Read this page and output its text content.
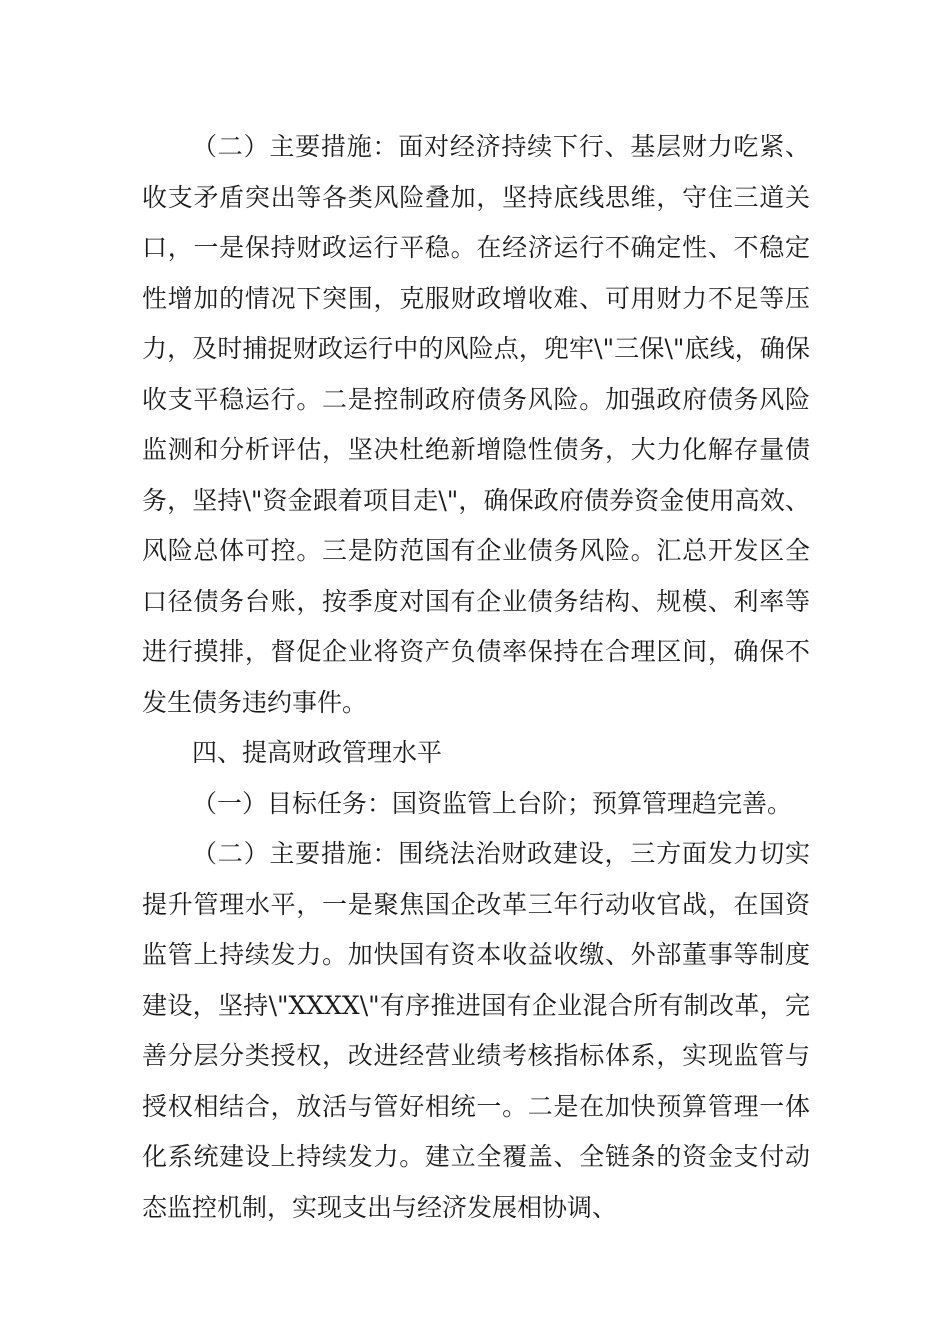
（二）主要措施：面对经济持续下行、基层财力吃紧、收支矛盾突出等各类风险叠加，坚持底线思维，守住三道关口，一是保持财政运行平稳。在经济运行不确定性、不稳定性增加的情况下突围，克服财政增收难、可用财力不足等压力，及时捕捉财政运行中的风险点，兜牢\"三保\"底线，确保收支平稳运行。二是控制政府债务风险。加强政府债务风险监测和分析评估，坚决杜绝新增隐性债务，大力化解存量债务，坚持\"资金跟着项目走\"，确保政府债券资金使用高效、风险总体可控。三是防范国有企业债务风险。汇总开发区全口径债务台账，按季度对国有企业债务结构、规模、利率等进行摸排，督促企业将资产负债率保持在合理区间，确保不发生债务违约事件。

四、提高财政管理水平

（一）目标任务：国资监管上台阶；预算管理趋完善。

（二）主要措施：围绕法治财政建设，三方面发力切实提升管理水平，一是聚焦国企改革三年行动收官战，在国资监管上持续发力。加快国有资本收益收缴、外部董事等制度建设，坚持\"XXXX\"有序推进国有企业混合所有制改革，完善分层分类授权，改进经营业绩考核指标体系，实现监管与授权相结合，放活与管好相统一。二是在加快预算管理一体化系统建设上持续发力。建立全覆盖、全链条的资金支付动态监控机制，实现支出与经济发展相协调、
